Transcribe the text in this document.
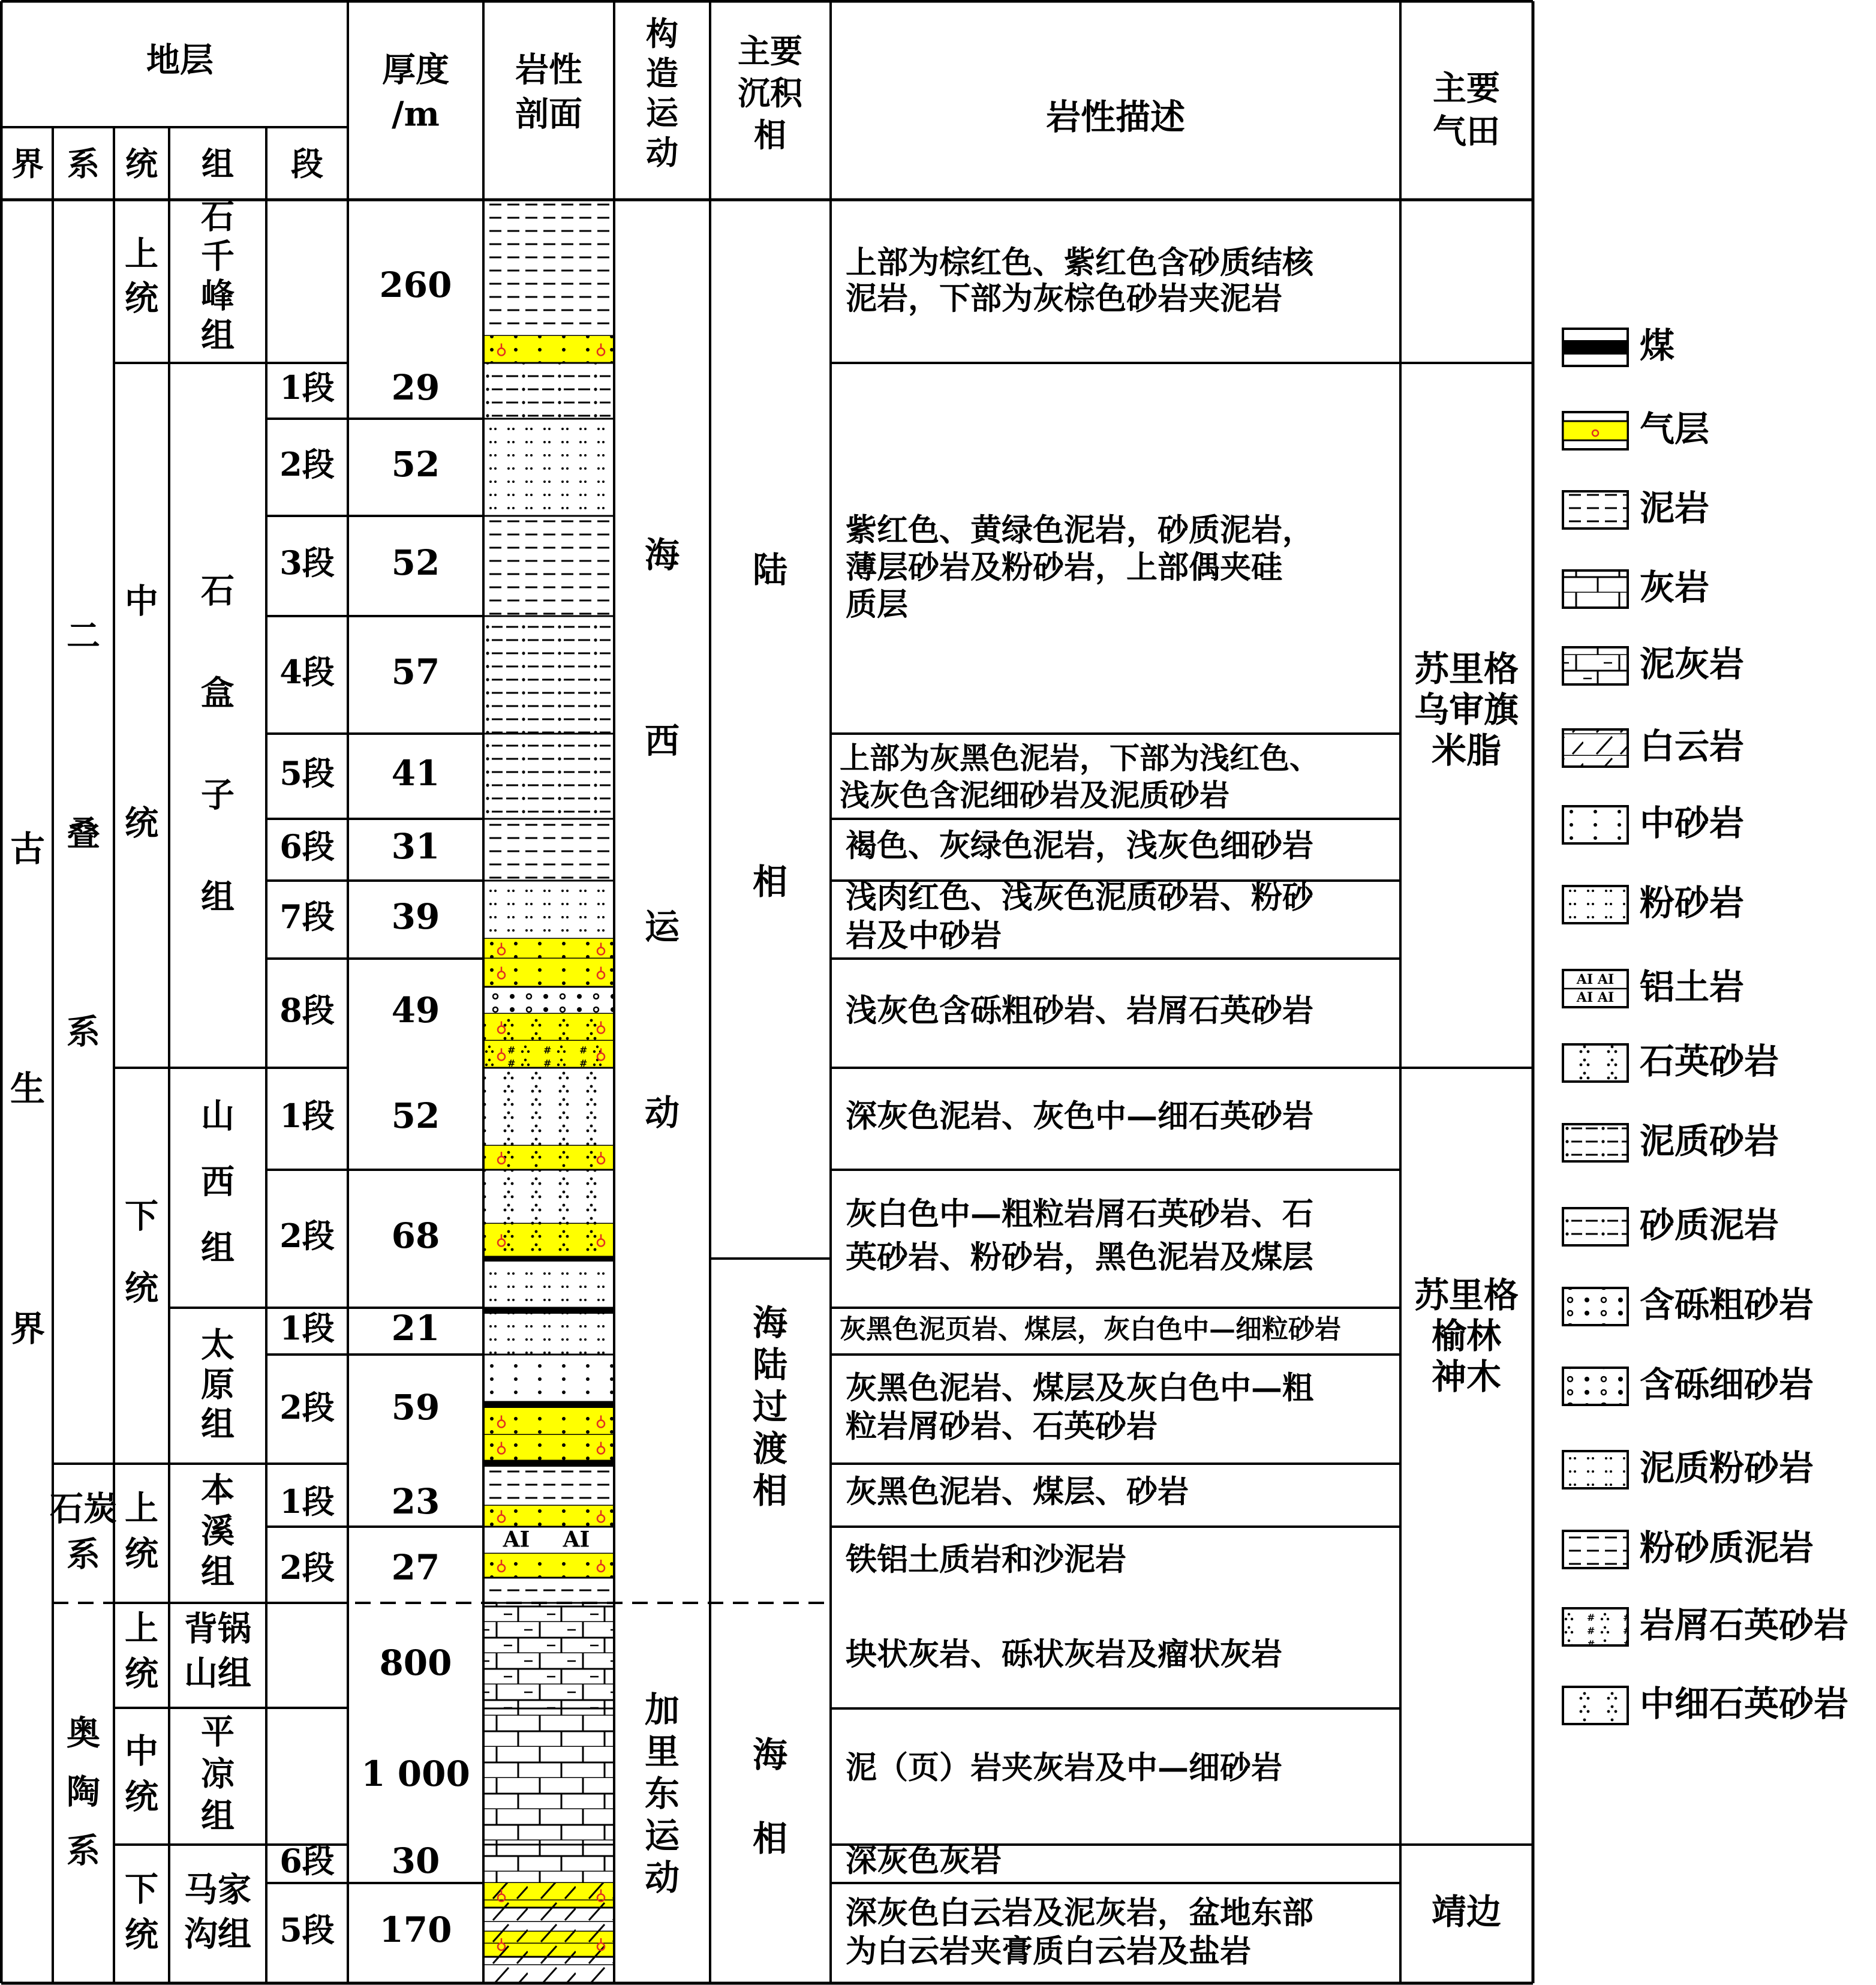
地层
界 系 统 组 段
厚度
/m
岩性
剖面
构
造
运
动
主要
沉积
相	岩性描述
主要
气田
古
生
界
二
叠
系
石炭
系
奥
陶
系
上
统
中
统
下
统
上
统
上
统
中
统
下
统
石
千
峰
组
石
盒
子
组
山
西
组
太
原
组
本
溪
组
背锅
山组
平
凉
组
马家
沟组
1段
2段
3段
4段
5段
6段
7段
8段
1段
2段
1段
2段
1段
2段
6段
5段
260
29
52
52
57
41
31
39
49
52
68
21
59
23
27
800
1 000
30
170
海
西
运
动
加
里
东
运
动
陆
相
海
陆
过
渡
相
海
相
上部为棕红色、紫红色含砂质结核
泥岩，下部为灰棕色砂岩夹泥岩
紫红色、黄绿色泥岩，砂质泥岩，
薄层砂岩及粉砂岩，上部偶夹硅
质层
上部为灰黑色泥岩，下部为浅红色、
浅灰色含泥细砂岩及泥质砂岩
褐色、灰绿色泥岩，浅灰色细砂岩
浅肉红色、浅灰色泥质砂岩、粉砂
岩及中砂岩
浅灰色含砾粗砂岩、岩屑石英砂岩
深灰色泥岩、灰色中—细石英砂岩
灰白色中—粗粒岩屑石英砂岩、石
英砂岩、粉砂岩，黑色泥岩及煤层
灰黑色泥页岩、煤层，灰白色中—细粒砂岩
灰黑色泥岩、煤层及灰白色中—粗
粒岩屑砂岩、石英砂岩
灰黑色泥岩、煤层、砂岩
铁铝土质岩和沙泥岩
块状灰岩、砾状灰岩及瘤状灰岩
泥（页）岩夹灰岩及中—细砂岩
深灰色灰岩
深灰色白云岩及泥灰岩，盆地东部
为白云岩夹膏质白云岩及盐岩
苏里格
乌审旗
米脂
苏里格
榆林
神木
靖边
AI AI
煤
气层
泥岩
灰岩
泥灰岩
白云岩
中砂岩
粉砂岩
AI AI
AI AI 铝土岩
石英砂岩
泥质砂岩
砂质泥岩
含砾粗砂岩
含砾细砂岩
泥质粉砂岩
粉砂质泥岩
岩屑石英砂岩
中细石英砂岩
